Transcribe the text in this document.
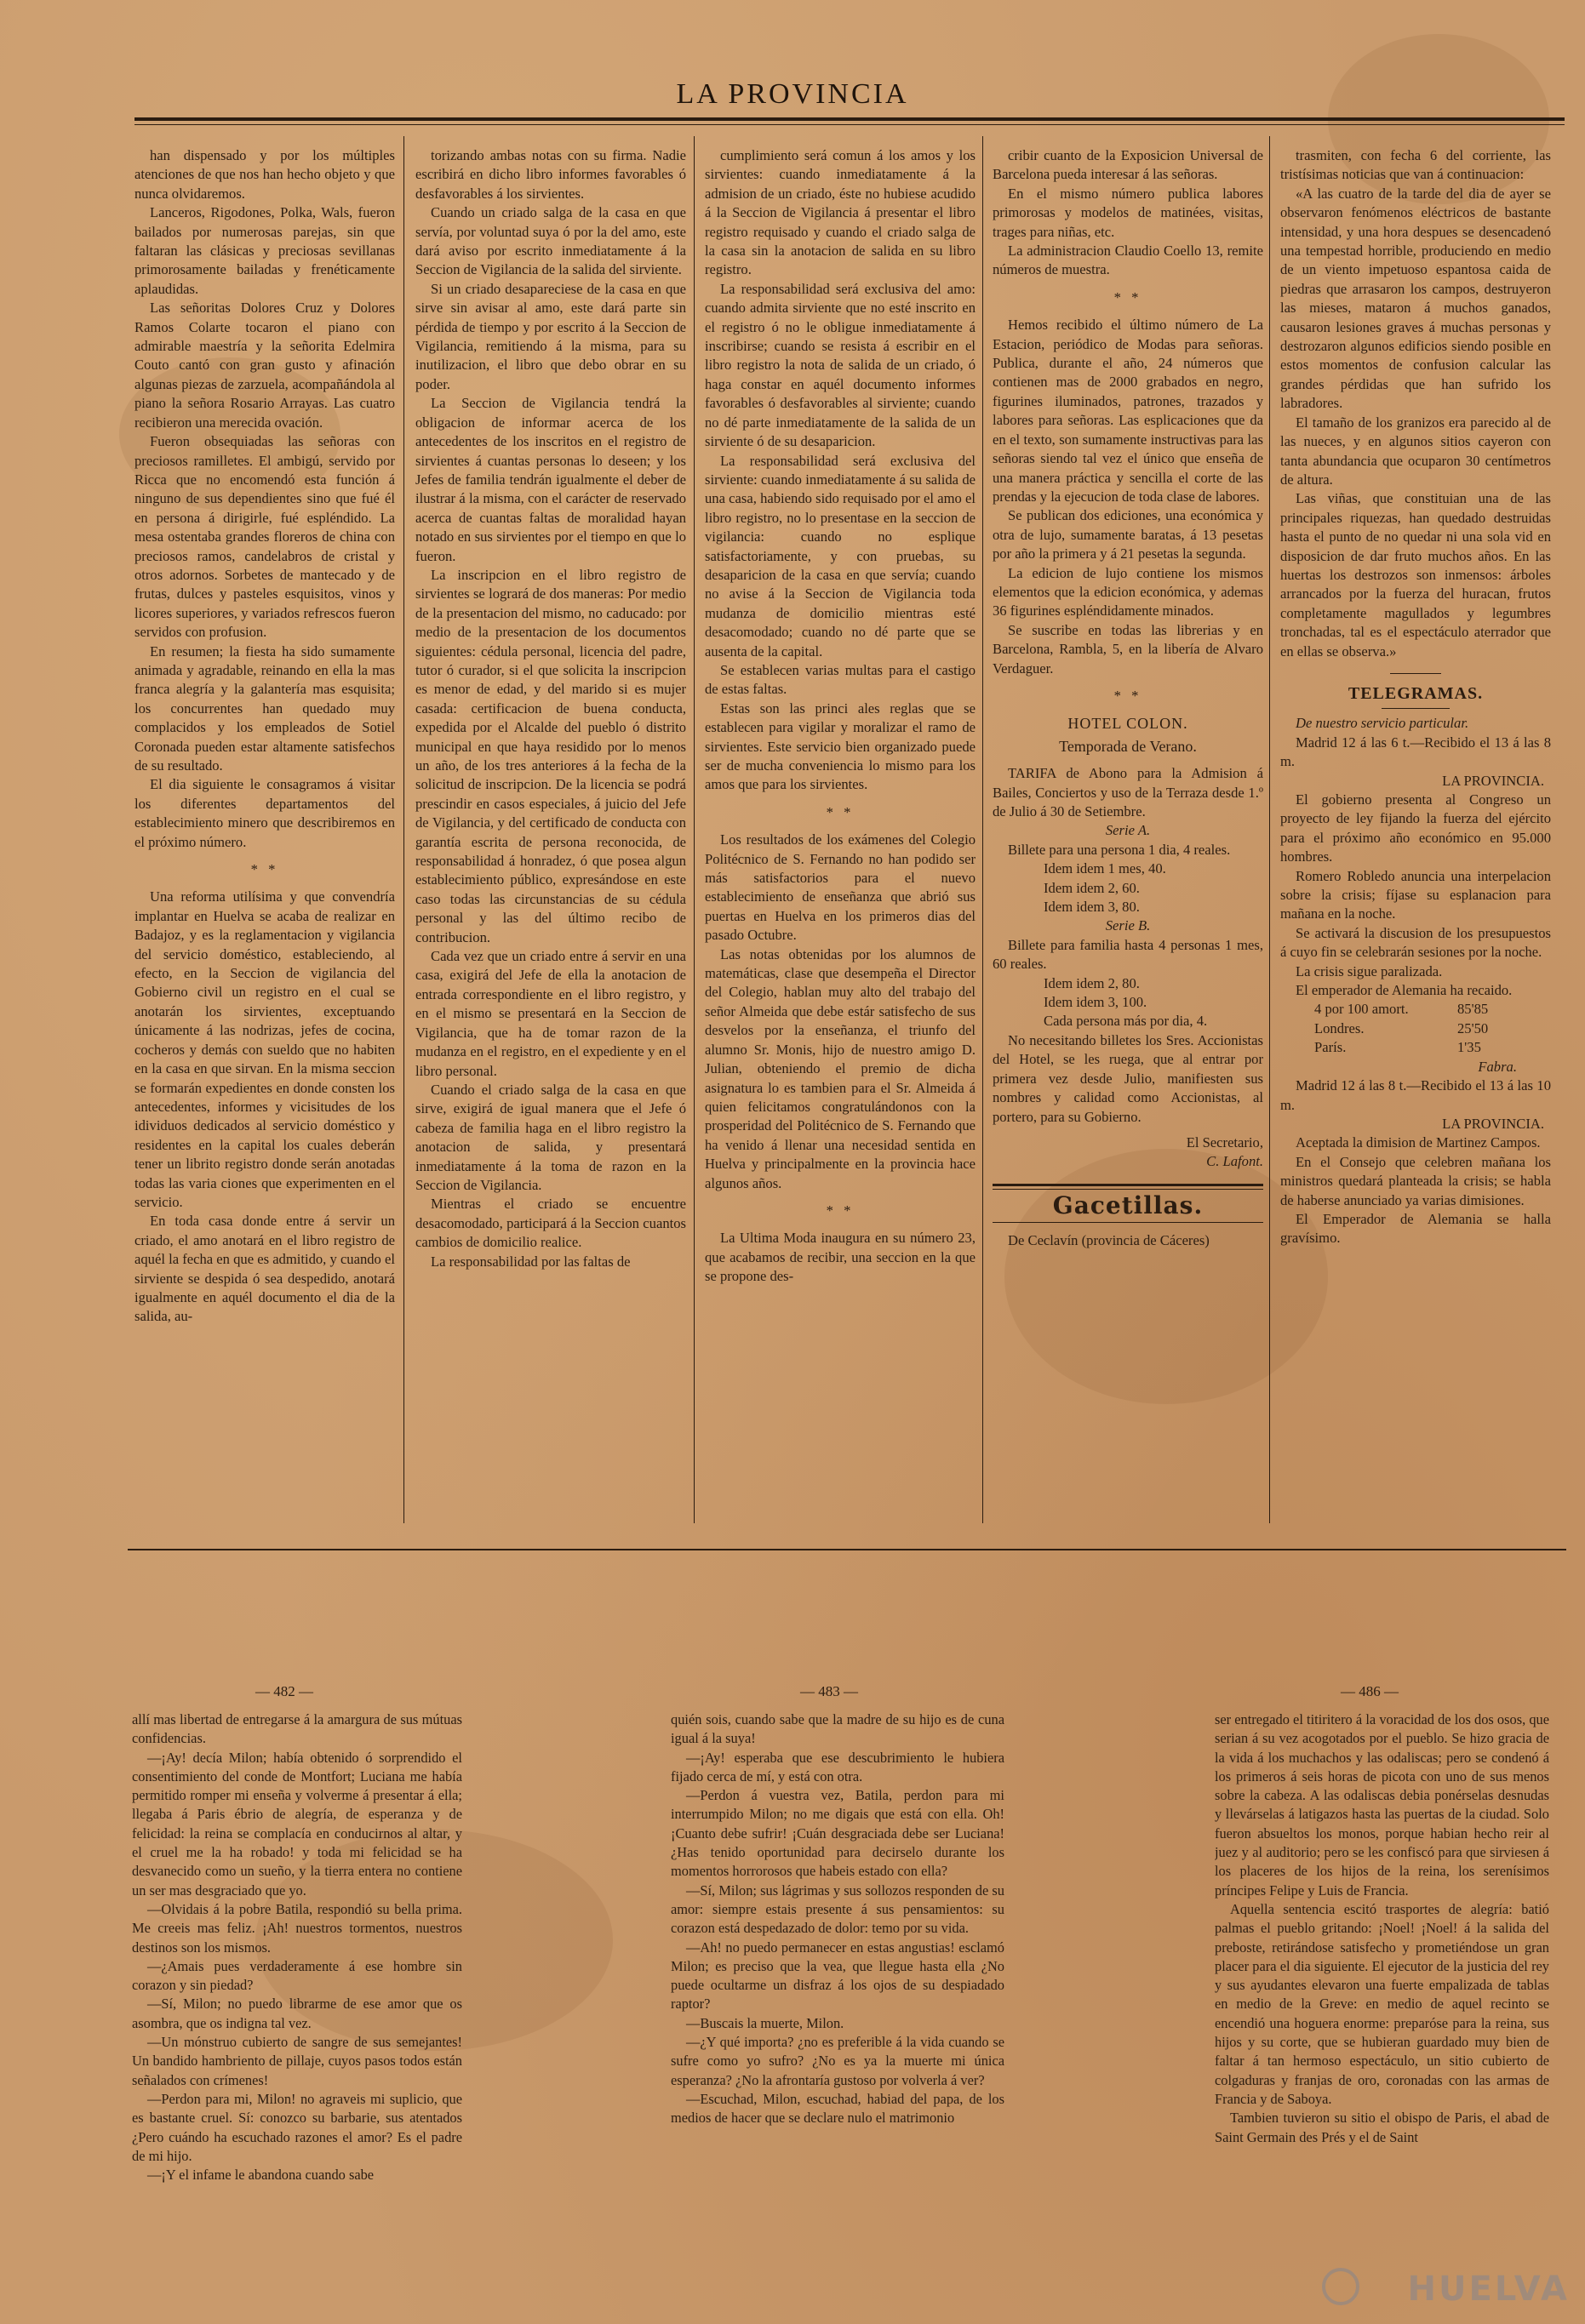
LA PROVINCIA

han dispensado y por los múltiples atenciones de que nos han hecho objeto y que nunca olvidaremos.

Lanceros, Rigodones, Polka, Wals, fueron bailados por numerosas parejas, sin que faltaran las clásicas y preciosas sevillanas primorosamente bailadas y frenéticamente aplaudidas.

Las señoritas Dolores Cruz y Dolores Ramos Colarte tocaron el piano con admirable maestría y la señorita Edelmira Couto cantó con gran gusto y afinación algunas piezas de zarzuela, acompañándola al piano la señora Rosario Arrayas. Las cuatro recibieron una merecida ovación.

Fueron obsequiadas las señoras con preciosos ramilletes. El ambigú, servido por Ricca que no encomendó esta función á ninguno de sus dependientes sino que fué él en persona á dirigirle, fué espléndido. La mesa ostentaba grandes floreros de china con preciosos ramos, candelabros de cristal y otros adornos. Sorbetes de mantecado y de frutas, dulces y pasteles esquisitos, vinos y licores superiores, y variados refrescos fueron servidos con profusion.

En resumen; la fiesta ha sido sumamente animada y agradable, reinando en ella la mas franca alegría y la galantería mas esquisita; los concurrentes han quedado muy complacidos y los empleados de Sotiel Coronada pueden estar altamente satisfechos de su resultado.

El dia siguiente le consagramos á visitar los diferentes departamentos del establecimiento minero que describiremos en el próximo número.

* *

Una reforma utilísima y que convendría implantar en Huelva se acaba de realizar en Badajoz, y es la reglamentacion y vigilancia del servicio doméstico, estableciendo, al efecto, en la Seccion de vigilancia del Gobierno civil un registro en el cual se anotarán los sirvientes, exceptuando únicamente á las nodrizas, jefes de cocina, cocheros y demás con sueldo que no habiten en la casa en que sirvan. En la misma seccion se formarán expedientes en donde consten los antecedentes, informes y vicisitudes de los idividuos dedicados al servicio doméstico y residentes en la capital los cuales deberán tener un librito registro donde serán anotadas todas las varia ciones que experimenten en el servicio.

En toda casa donde entre á servir un criado, el amo anotará en el libro registro de aquél la fecha en que es admitido, y cuando el sirviente se despida ó sea despedido, anotará igualmente en aquél documento el dia de la salida, au-

torizando ambas notas con su firma. Nadie escribirá en dicho libro informes favorables ó desfavorables á los sirvientes.

Cuando un criado salga de la casa en que servía, por voluntad suya ó por la del amo, este dará aviso por escrito inmediatamente á la Seccion de Vigilancia de la salida del sirviente.

Si un criado desapareciese de la casa en que sirve sin avisar al amo, este dará parte sin pérdida de tiempo y por escrito á la Seccion de Vigilancia, remitiendo á la misma, para su inutilizacion, el libro que debo obrar en su poder.

La Seccion de Vigilancia tendrá la obligacion de informar acerca de los antecedentes de los inscritos en el registro de sirvientes á cuantas personas lo deseen; y los Jefes de familia tendrán igualmente el deber de ilustrar á la misma, con el carácter de reservado acerca de cuantas faltas de moralidad hayan notado en sus sirvientes por el tiempo en que lo fueron.

La inscripcion en el libro registro de sirvientes se logrará de dos maneras: Por medio de la presentacion del mismo, no caducado: por medio de la presentacion de los documentos siguientes: cédula personal, licencia del padre, tutor ó curador, si el que solicita la inscripcion es menor de edad, y del marido si es mujer casada: certificacion de buena conducta, expedida por el Alcalde del pueblo ó distrito municipal en que haya residido por lo menos un año, de los tres anteriores á la fecha de la solicitud de inscripcion. De la licencia se podrá prescindir en casos especiales, á juicio del Jefe de Vigilancia, y del certificado de conducta con garantía escrita de persona reconocida, de responsabilidad á honradez, ó que posea algun establecimiento público, expresándose en este caso todas las circunstancias de su cédula personal y las del último recibo de contribucion.

Cada vez que un criado entre á servir en una casa, exigirá del Jefe de ella la anotacion de entrada correspondiente en el libro registro, y en el mismo se presentará en la Seccion de Vigilancia, que ha de tomar razon de la mudanza en el registro, en el expediente y en el libro personal.

Cuando el criado salga de la casa en que sirve, exigirá de igual manera que el Jefe ó cabeza de familia haga en el libro registro la anotacion de salida, y presentará inmediatamente á la toma de razon en la Seccion de Vigilancia.

Mientras el criado se encuentre desacomodado, participará á la Seccion cuantos cambios de domicilio realice.

La responsabilidad por las faltas de

cumplimiento será comun á los amos y los sirvientes: cuando inmediatamente á la admision de un criado, éste no hubiese acudido á la Seccion de Vigilancia á presentar el libro registro requisado y cuando el criado salga de la casa sin la anotacion de salida en su libro registro.

La responsabilidad será exclusiva del amo: cuando admita sirviente que no esté inscrito en el registro ó no le obligue inmediatamente á inscribirse; cuando se resista á escribir en el libro registro la nota de salida de un criado, ó haga constar en aquél documento informes favorables ó desfavorables al sirviente; cuando no dé parte inmediatamente de la salida de un sirviente ó de su desaparicion.

La responsabilidad será exclusiva del sirviente: cuando inmediatamente á su salida de una casa, habiendo sido requisado por el amo el libro registro, no lo presentase en la seccion de vigilancia: cuando no esplique satisfactoriamente, y con pruebas, su desaparicion de la casa en que servía; cuando no avise á la Seccion de Vigilancia toda mudanza de domicilio mientras esté desacomodado; cuando no dé parte que se ausenta de la capital.

Se establecen varias multas para el castigo de estas faltas.

Estas son las princi ales reglas que se establecen para vigilar y moralizar el ramo de sirvientes. Este servicio bien organizado puede ser de mucha conveniencia lo mismo para los amos que para los sirvientes.

* *

Los resultados de los exámenes del Colegio Politécnico de S. Fernando no han podido ser más satisfactorios para el nuevo establecimiento de enseñanza que abrió sus puertas en Huelva en los primeros dias del pasado Octubre.

Las notas obtenidas por los alumnos de matemáticas, clase que desempeña el Director del Colegio, hablan muy alto del trabajo del señor Almeida que debe estár satisfecho de sus desvelos por la enseñanza, el triunfo del alumno Sr. Monis, hijo de nuestro amigo D. Julian, obteniendo el premio de dicha asignatura lo es tambien para el Sr. Almeida á quien felicitamos congratulándonos con la prosperidad del Politécnico de S. Fernando que ha venido á llenar una necesidad sentida en Huelva y principalmente en la provincia hace algunos años.

* *

La Ultima Moda inaugura en su número 23, que acabamos de recibir, una seccion en la que se propone des-

cribir cuanto de la Exposicion Universal de Barcelona pueda interesar á las señoras.

En el mismo número publica labores primorosas y modelos de matinées, visitas, trages para niñas, etc.

La administracion Claudio Coello 13, remite números de muestra.

* *

Hemos recibido el último número de La Estacion, periódico de Modas para señoras. Publica, durante el año, 24 números que contienen mas de 2000 grabados en negro, figurines iluminados, patrones, trazados y labores para señoras. Las esplicaciones que da en el texto, son sumamente instructivas para las señoras siendo tal vez el único que enseña de una manera práctica y sencilla el corte de las prendas y la ejecucion de toda clase de labores.

Se publican dos ediciones, una económica y otra de lujo, sumamente baratas, á 13 pesetas por año la primera y á 21 pesetas la segunda.

La edicion de lujo contiene los mismos elementos que la edicion económica, y ademas 36 figurines espléndidamente minados.

Se suscribe en todas las librerias y en Barcelona, Rambla, 5, en la libería de Alvaro Verdaguer.

* *

HOTEL COLON.

Temporada de Verano.

TARIFA de Abono para la Admision á Bailes, Conciertos y uso de la Terraza desde 1.º de Julio á 30 de Setiembre.

Serie A.

Billete para una persona 1 dia, 4 reales.

Idem idem 1 mes, 40.

Idem idem 2, 60.

Idem idem 3, 80.

Serie B.

Billete para familia hasta 4 personas 1 mes, 60 reales.

Idem idem 2, 80.

Idem idem 3, 100.

Cada persona más por dia, 4.

No necesitando billetes los Sres. Accionistas del Hotel, se les ruega, que al entrar por primera vez desde Julio, manifiesten sus nombres y calidad como Accionistas, al portero, para su Gobierno.

El Secretario,

C. Lafont.

Gacetillas.

De Ceclavín (provincia de Cáceres)

trasmiten, con fecha 6 del corriente, las tristísimas noticias que van á continuacion:

«A las cuatro de la tarde del dia de ayer se observaron fenómenos eléctricos de bastante intensidad, y una hora despues se desencadenó una tempestad horrible, produciendo en medio de un viento impetuoso espantosa caida de piedras que arrasaron los campos, destruyeron las mieses, mataron á muchos ganados, causaron lesiones graves á muchas personas y destrozaron algunos edificios siendo posible en estos momentos de confusion calcular las grandes pérdidas que han sufrido los labradores.

El tamaño de los granizos era parecido al de las nueces, y en algunos sitios cayeron con tanta abundancia que ocuparon 30 centímetros de altura.

Las viñas, que constituian una de las principales riquezas, han quedado destruidas hasta el punto de no quedar ni una sola vid en disposicion de dar fruto muchos años. En las huertas los destrozos son inmensos: árboles arrancados por la fuerza del huracan, frutos completamente magullados y legumbres tronchadas, tal es el espectáculo aterrador que en ellas se observa.»

TELEGRAMAS.

De nuestro servicio particular.

Madrid 12 á las 6 t.—Recibido el 13 á las 8 m.

LA PROVINCIA.

El gobierno presenta al Congreso un proyecto de ley fijando la fuerza del ejército para el próximo año económico en 95.000 hombres.

Romero Robledo anuncia una interpelacion sobre la crisis; fíjase su esplanacion para mañana en la noche.

Se activará la discusion de los presupuestos á cuyo fin se celebrarán sesiones por la noche.

La crisis sigue paralizada.

El emperador de Alemania ha recaido.

4 por 100 amort.	85'85
Londres.	25'50
París.	1'35

Fabra.

Madrid 12 á las 8 t.—Recibido el 13 á las 10 m.

LA PROVINCIA.

Aceptada la dimision de Martinez Campos.

En el Consejo que celebren mañana los ministros quedará planteada la crisis; se habla de haberse anunciado ya varias dimisiones.

El Emperador de Alemania se halla gravísimo.

— 482 —	— 483 —	— 486 —

allí mas libertad de entregarse á la amargura de sus mútuas confidencias.

—¡Ay! decía Milon; había obtenido ó sorprendido el consentimiento del conde de Montfort; Luciana me había permitido romper mi enseña y volverme á presentar á ella; llegaba á Paris ébrio de alegría, de esperanza y de felicidad: la reina se complacía en conducirnos al altar, y el cruel me la ha robado! y toda mi felicidad se ha desvanecido como un sueño, y la tierra entera no contiene un ser mas desgraciado que yo.

—Olvidais á la pobre Batila, respondió su bella prima. Me creeis mas feliz. ¡Ah! nuestros tormentos, nuestros destinos son los mismos.

—¿Amais pues verdaderamente á ese hombre sin corazon y sin piedad?

—Sí, Milon; no puedo librarme de ese amor que os asombra, que os indigna tal vez.

—Un mónstruo cubierto de sangre de sus semejantes! Un bandido hambriento de pillaje, cuyos pasos todos están señalados con crímenes!

—Perdon para mi, Milon! no agraveis mi suplicio, que es bastante cruel. Sí: conozco su barbarie, sus atentados ¿Pero cuándo ha escuchado razones el amor? Es el padre de mi hijo.

—¡Y el infame le abandona cuando sabe

quién sois, cuando sabe que la madre de su hijo es de cuna igual á la suya!

—¡Ay! esperaba que ese descubrimiento le hubiera fijado cerca de mí, y está con otra.

—Perdon á vuestra vez, Batila, perdon para mi interrumpido Milon; no me digais que está con ella. Oh! ¡Cuanto debe sufrir! ¡Cuán desgraciada debe ser Luciana! ¿Has tenido oportunidad para decirselo durante los momentos horrorosos que habeis estado con ella?

—Sí, Milon; sus lágrimas y sus sollozos responden de su amor: siempre estais presente á sus pensamientos: su corazon está despedazado de dolor: temo por su vida.

—Ah! no puedo permanecer en estas angustias! esclamó Milon; es preciso que la vea, que llegue hasta ella ¿No puede ocultarme un disfraz á los ojos de su despiadado raptor?

—Buscais la muerte, Milon.

—¿Y qué importa? ¿no es preferible á la vida cuando se sufre como yo sufro? ¿No es ya la muerte mi única esperanza? ¿No la afrontaría gustoso por volverla á ver?

—Escuchad, Milon, escuchad, habiad del papa, de los medios de hacer que se declare nulo el matrimonio

ser entregado el titiritero á la voracidad de los dos osos, que serian á su vez acogotados por el pueblo. Se hizo gracia de la vida á los muchachos y las odaliscas; pero se condenó á los primeros á seis horas de picota con uno de sus menos sobre la cabeza. A las odaliscas debia ponérselas desnudas y llevárselas á latigazos hasta las puertas de la ciudad. Solo fueron absueltos los monos, porque habian hecho reir al juez y al auditorio; pero se les confiscó para que sirviesen á los placeres de los hijos de la reina, los serenísimos príncipes Felipe y Luis de Francia.

Aquella sentencia escitó trasportes de alegría: batió palmas el pueblo gritando: ¡Noel! ¡Noel! á la salida del preboste, retirándose satisfecho y prometiéndose un gran placer para el dia siguiente. El ejecutor de la justicia del rey y sus ayudantes elevaron una fuerte empalizada de tablas en medio de la Greve: en medio de aquel recinto se encendió una hoguera enorme: preparóse para la reina, sus hijos y su corte, que se hubieran guardado muy bien de faltar á tan hermoso espectáculo, un sitio cubierto de colgaduras y franjas de oro, coronadas con las armas de Francia y de Saboya.

Tambien tuvieron su sitio el obispo de Paris, el abad de Saint Germain des Prés y el de Saint

HUELVA
